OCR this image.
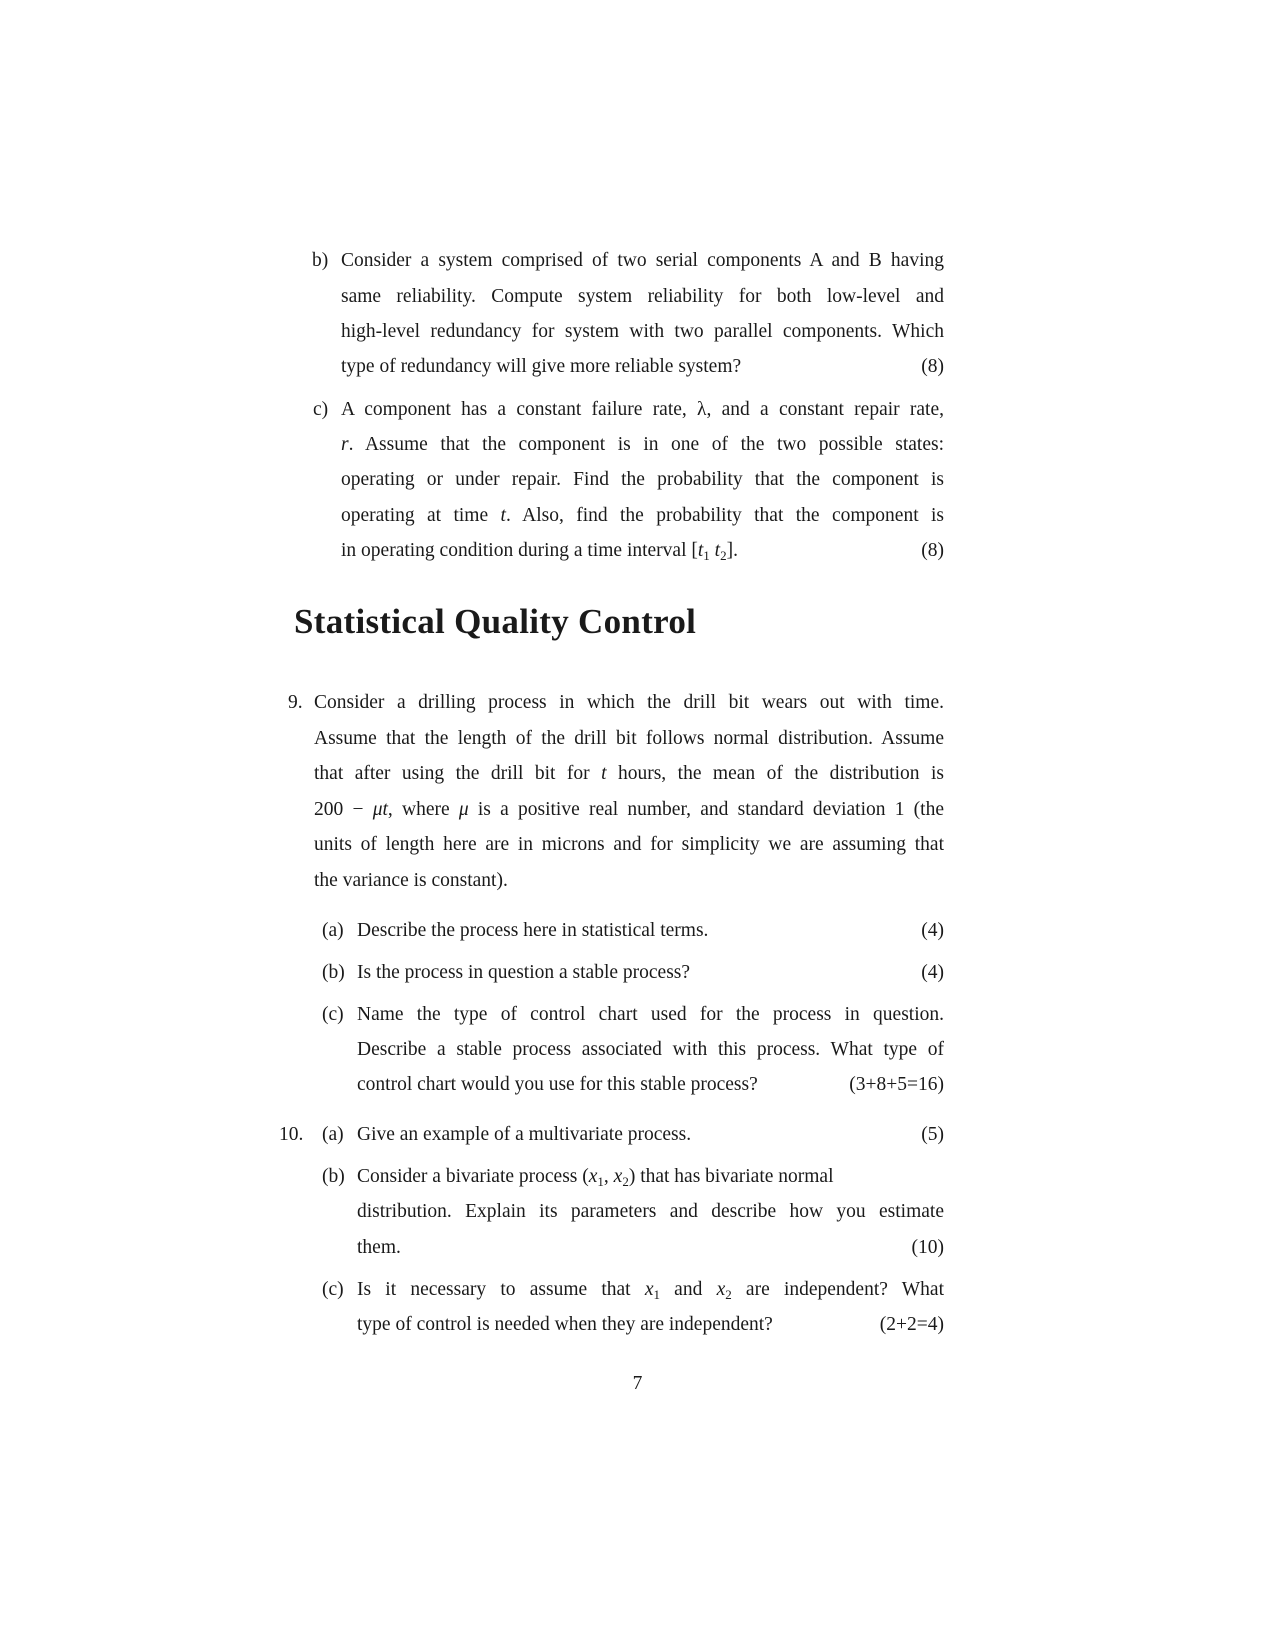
b) Consider a system comprised of two serial components A and B having

same reliability. Compute system reliability for both low-level and

high-level redundancy for system with two parallel components. Which

type of redundancy will give more reliable system?	(8)
c) A component has a constant failure rate, λ, and a constant repair rate,

r. Assume that the component is in one of the two possible states:

operating or under repair. Find the probability that the component is

operating at time t. Also, find the probability that the component is

in operating condition during a time interval [$t_1$ $t_2$].	(8)
Statistical Quality Control
9. Consider a drilling process in which the drill bit wears out with time.

Assume that the length of the drill bit follows normal distribution. Assume

that after using the drill bit for t hours, the mean of the distribution is

200 − μt, where μ is a positive real number, and standard deviation 1 (the

units of length here are in microns and for simplicity we are assuming that

the variance is constant).

(a) Describe the process here in statistical terms.	(4)
(b) Is the process in question a stable process?	(4)
(c) Name the type of control chart used for the process in question.

Describe a stable process associated with this process. What type of

control chart would you use for this stable process?	(3+8+5=16)
10. (a) Give an example of a multivariate process.	(5)
(b) Consider a bivariate process ($x_1$, $x_2$) that has bivariate normal

distribution. Explain its parameters and describe how you estimate

them.	(10)
(c) Is it necessary to assume that $x_1$ and $x_2$ are independent? What

type of control is needed when they are independent?	(2+2=4)
7
